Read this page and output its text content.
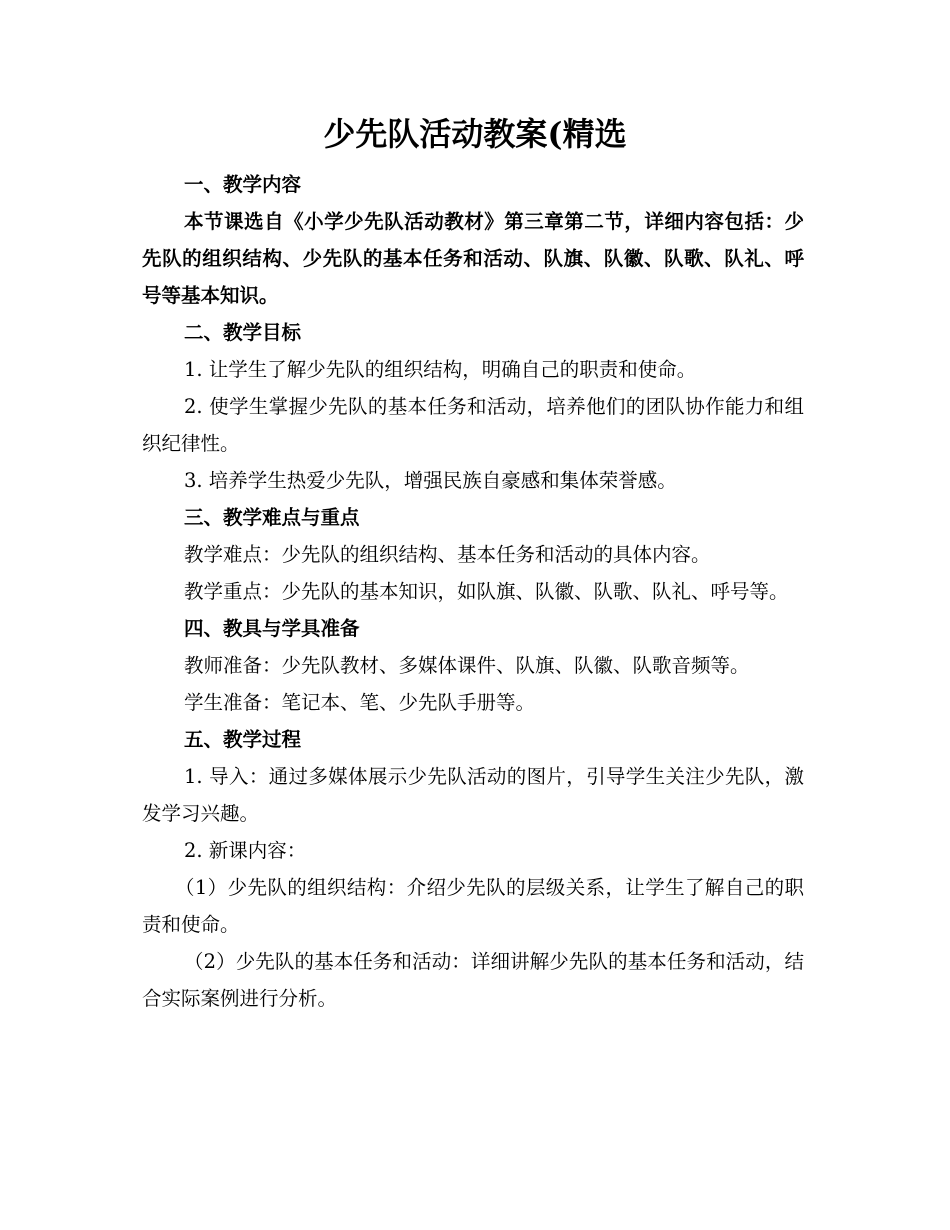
少先队活动教案(精选

一、教学内容

本节课选自《小学少先队活动教材》第三章第二节，详细内容包括：少先队的组织结构、少先队的基本任务和活动、队旗、队徽、队歌、队礼、呼号等基本知识。

二、教学目标

1. 让学生了解少先队的组织结构，明确自己的职责和使命。

2. 使学生掌握少先队的基本任务和活动，培养他们的团队协作能力和组织纪律性。

3. 培养学生热爱少先队，增强民族自豪感和集体荣誉感。

三、教学难点与重点

教学难点：少先队的组织结构、基本任务和活动的具体内容。

教学重点：少先队的基本知识，如队旗、队徽、队歌、队礼、呼号等。

四、教具与学具准备

教师准备：少先队教材、多媒体课件、队旗、队徽、队歌音频等。

学生准备：笔记本、笔、少先队手册等。

五、教学过程

1. 导入：通过多媒体展示少先队活动的图片，引导学生关注少先队，激发学习兴趣。

2. 新课内容：

（1）少先队的组织结构：介绍少先队的层级关系，让学生了解自己的职责和使命。

（2）少先队的基本任务和活动：详细讲解少先队的基本任务和活动，结合实际案例进行分析。
